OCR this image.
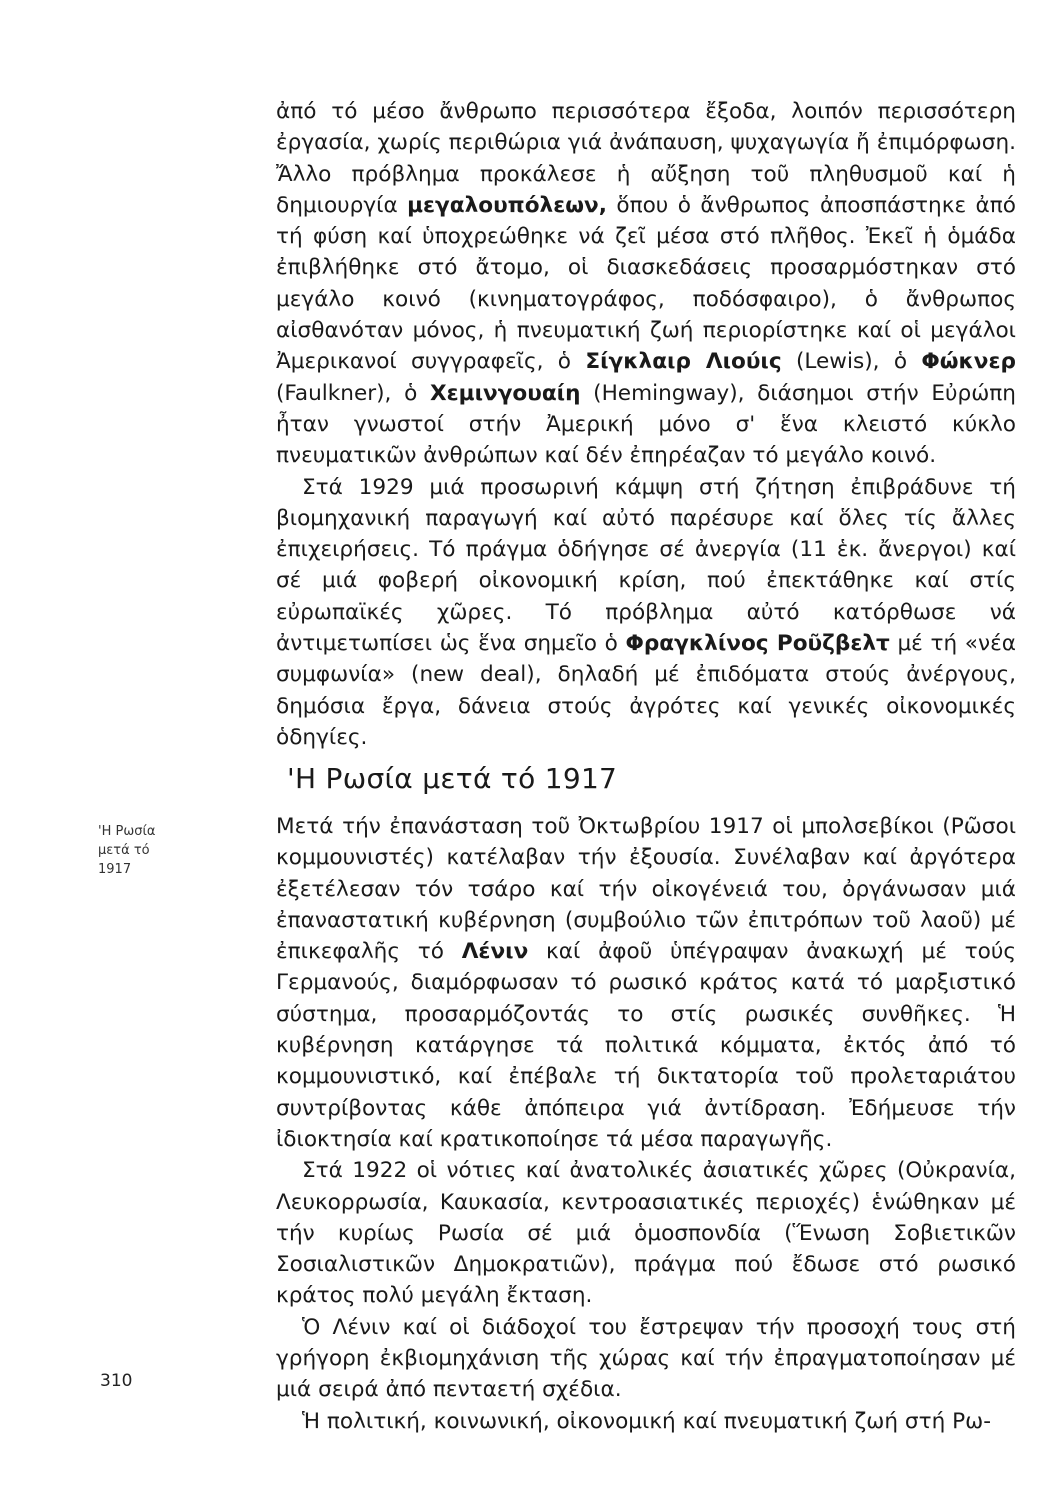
ἀπό τό μέσο ἄνθρωπο περισσότερα ἔξοδα, λοιπόν περισσότερη ἐργασία, χωρίς περιθώρια γιά ἀνάπαυση, ψυχαγωγία ἤ ἐπιμόρφωση. Ἄλλο πρόβλημα προκάλεσε ἡ αὔξηση τοῦ πληθυσμοῦ καί ἡ δημιουργία μεγαλουπόλεων, ὅπου ὁ ἄνθρωπος ἀποσπάστηκε ἀπό τή φύση καί ὑποχρεώθηκε νά ζεῖ μέσα στό πλῆθος. Ἐκεῖ ἡ ὁμάδα ἐπιβλήθηκε στό ἄτομο, οἱ διασκεδάσεις προσαρμόστηκαν στό μεγάλο κοινό (κινηματογράφος, ποδόσφαιρο), ὁ ἄνθρωπος αἰσθανόταν μόνος, ἡ πνευματική ζωή περιορίστηκε καί οἱ μεγάλοι Ἀμερικανοί συγγραφεῖς, ὁ Σίγκλαιρ Λιούις (Lewis), ὁ Φώκνερ (Faulkner), ὁ Χεμινγουαίη (Hemingway), διάσημοι στήν Εὐρώπη ἦταν γνωστοί στήν Ἀμερική μόνο σ' ἕνα κλειστό κύκλο πνευματικῶν ἀνθρώπων καί δέν ἐπηρέαζαν τό μεγάλο κοινό.

Στά 1929 μιά προσωρινή κάμψη στή ζήτηση ἐπιβράδυνε τή βιομηχανική παραγωγή καί αὐτό παρέσυρε καί ὅλες τίς ἄλλες ἐπιχειρήσεις. Τό πράγμα ὁδήγησε σέ ἀνεργία (11 ἑκ. ἄνεργοι) καί σέ μιά φοβερή οἰκονομική κρίση, πού ἐπεκτάθηκε καί στίς εὐρωπαϊκές χῶρες. Τό πρόβλημα αὐτό κατόρθωσε νά ἀντιμετωπίσει ὡς ἕνα σημεῖο ὁ Φραγκλίνος Ροῦζβελτ μέ τή «νέα συμφωνία» (new deal), δηλαδή μέ ἐπιδόματα στούς ἀνέργους, δημόσια ἔργα, δάνεια στούς ἀγρότες καί γενικές οἰκονομικές ὁδηγίες.

'Η Ρωσία μετά τό 1917
'Η Ρωσία μετά τό 1917

Μετά τήν ἐπανάσταση τοῦ Ὀκτωβρίου 1917 οἱ μπολσεβίκοι (Ρῶσοι κομμουνιστές) κατέλαβαν τήν ἐξουσία. Συνέλαβαν καί ἀργότερα ἐξετέλεσαν τόν τσάρο καί τήν οἰκογένειά του, ὀργάνωσαν μιά ἐπαναστατική κυβέρνηση (συμβούλιο τῶν ἐπιτρόπων τοῦ λαοῦ) μέ ἐπικεφαλῆς τό Λένιν καί ἀφοῦ ὑπέγραψαν ἀνακωχή μέ τούς Γερμανούς, διαμόρφωσαν τό ρωσικό κράτος κατά τό μαρξιστικό σύστημα, προσαρμόζοντάς το στίς ρωσικές συνθῆκες. Ἡ κυβέρνηση κατάργησε τά πολιτικά κόμματα, ἐκτός ἀπό τό κομμουνιστικό, καί ἐπέβαλε τή δικτατορία τοῦ προλεταριάτου συντρίβοντας κάθε ἀπόπειρα γιά ἀντίδραση. Ἐδήμευσε τήν ἰδιοκτησία καί κρατικοποίησε τά μέσα παραγωγῆς.

Στά 1922 οἱ νότιες καί ἀνατολικές ἀσιατικές χῶρες (Οὐκρανία, Λευκορρωσία, Καυκασία, κεντροασιατικές περιοχές) ἑνώθηκαν μέ τήν κυρίως Ρωσία σέ μιά ὁμοσπονδία (Ἕνωση Σοβιετικῶν Σοσιαλιστικῶν Δημοκρατιῶν), πράγμα πού ἔδωσε στό ρωσικό κράτος πολύ μεγάλη ἔκταση.

Ὁ Λένιν καί οἱ διάδοχοί του ἔστρεψαν τήν προσοχή τους στή γρήγορη ἐκβιομηχάνιση τῆς χώρας καί τήν ἐπραγματοποίησαν μέ μιά σειρά ἀπό πενταετή σχέδια.

Ἡ πολιτική, κοινωνική, οἰκονομική καί πνευματική ζωή στή Ρω-

310
